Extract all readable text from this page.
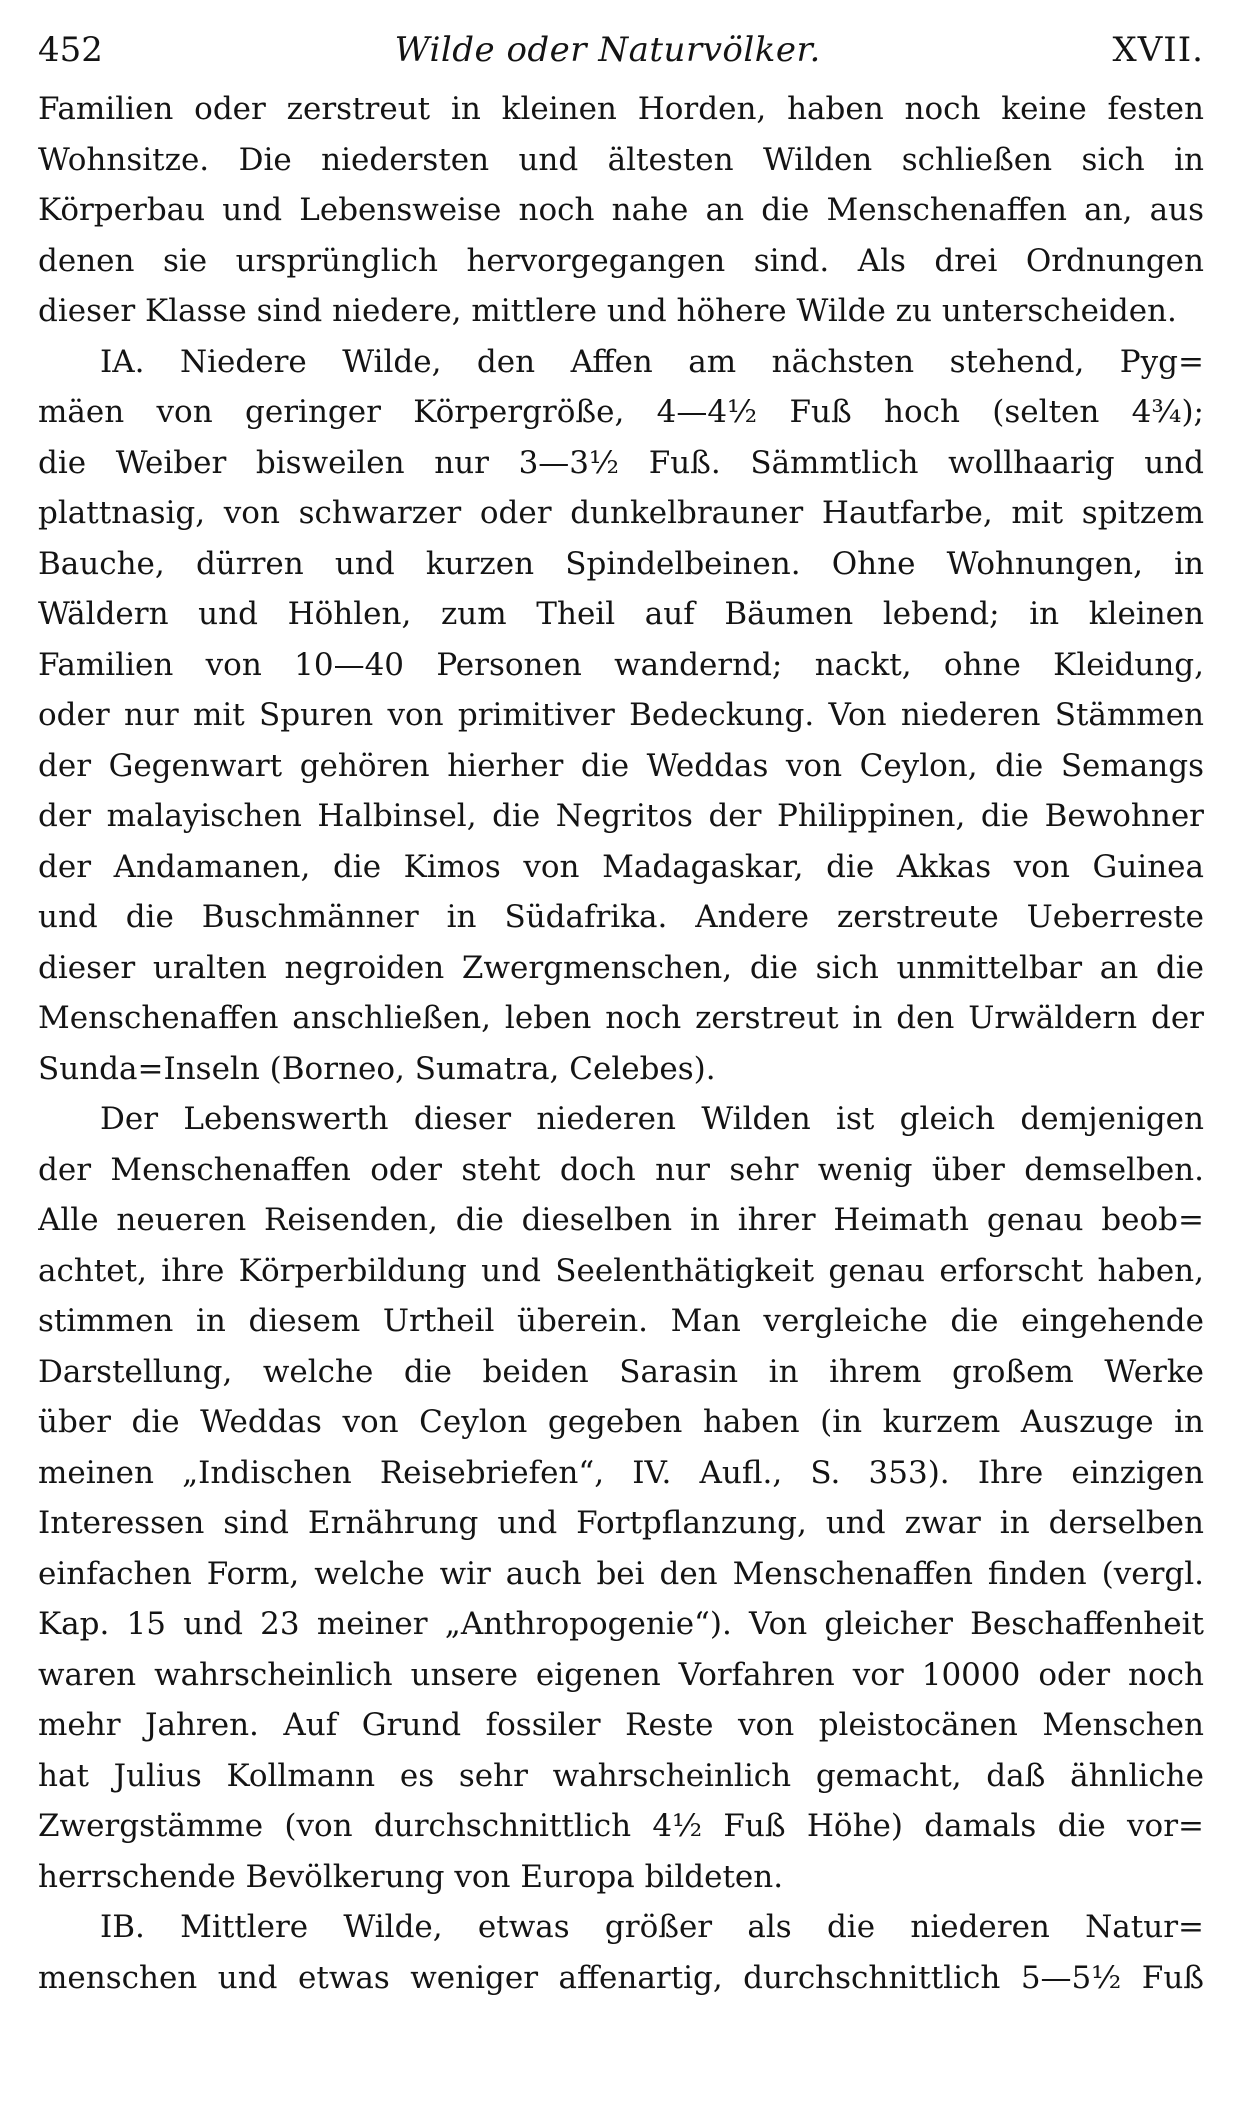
452	Wilde oder Naturvölker.	XVII.
Familien oder zerstreut in kleinen Horden, haben noch keine festen
Wohnsitze. Die niedersten und ältesten Wilden schließen sich in
Körperbau und Lebensweise noch nahe an die Menschenaffen an, aus
denen sie ursprünglich hervorgegangen sind. Als drei Ordnungen
dieser Klasse sind niedere, mittlere und höhere Wilde zu unterscheiden.
IA. Niedere Wilde, den Affen am nächsten stehend, Pyg=
mäen von geringer Körpergröße, 4—4½ Fuß hoch (selten 4¾);
die Weiber bisweilen nur 3—3½ Fuß. Sämmtlich wollhaarig und
plattnasig, von schwarzer oder dunkelbrauner Hautfarbe, mit spitzem
Bauche, dürren und kurzen Spindelbeinen. Ohne Wohnungen, in
Wäldern und Höhlen, zum Theil auf Bäumen lebend; in kleinen
Familien von 10—40 Personen wandernd; nackt, ohne Kleidung,
oder nur mit Spuren von primitiver Bedeckung. Von niederen Stämmen
der Gegenwart gehören hierher die Weddas von Ceylon, die Semangs
der malayischen Halbinsel, die Negritos der Philippinen, die Bewohner
der Andamanen, die Kimos von Madagaskar, die Akkas von Guinea
und die Buschmänner in Südafrika. Andere zerstreute Ueberreste
dieser uralten negroiden Zwergmenschen, die sich unmittelbar an die
Menschenaffen anschließen, leben noch zerstreut in den Urwäldern der
Sunda=Inseln (Borneo, Sumatra, Celebes).
Der Lebenswerth dieser niederen Wilden ist gleich demjenigen
der Menschenaffen oder steht doch nur sehr wenig über demselben.
Alle neueren Reisenden, die dieselben in ihrer Heimath genau beob=
achtet, ihre Körperbildung und Seelenthätigkeit genau erforscht haben,
stimmen in diesem Urtheil überein. Man vergleiche die eingehende
Darstellung, welche die beiden Sarasin in ihrem großem Werke
über die Weddas von Ceylon gegeben haben (in kurzem Auszuge in
meinen „Indischen Reisebriefen“, IV. Aufl., S. 353). Ihre einzigen
Interessen sind Ernährung und Fortpflanzung, und zwar in derselben
einfachen Form, welche wir auch bei den Menschenaffen finden (vergl.
Kap. 15 und 23 meiner „Anthropogenie“). Von gleicher Beschaffenheit
waren wahrscheinlich unsere eigenen Vorfahren vor 10000 oder noch
mehr Jahren. Auf Grund fossiler Reste von pleistocänen Menschen
hat Julius Kollmann es sehr wahrscheinlich gemacht, daß ähnliche
Zwergstämme (von durchschnittlich 4½ Fuß Höhe) damals die vor=
herrschende Bevölkerung von Europa bildeten.
IB. Mittlere Wilde, etwas größer als die niederen Natur=
menschen und etwas weniger affenartig, durchschnittlich 5—5½ Fuß
